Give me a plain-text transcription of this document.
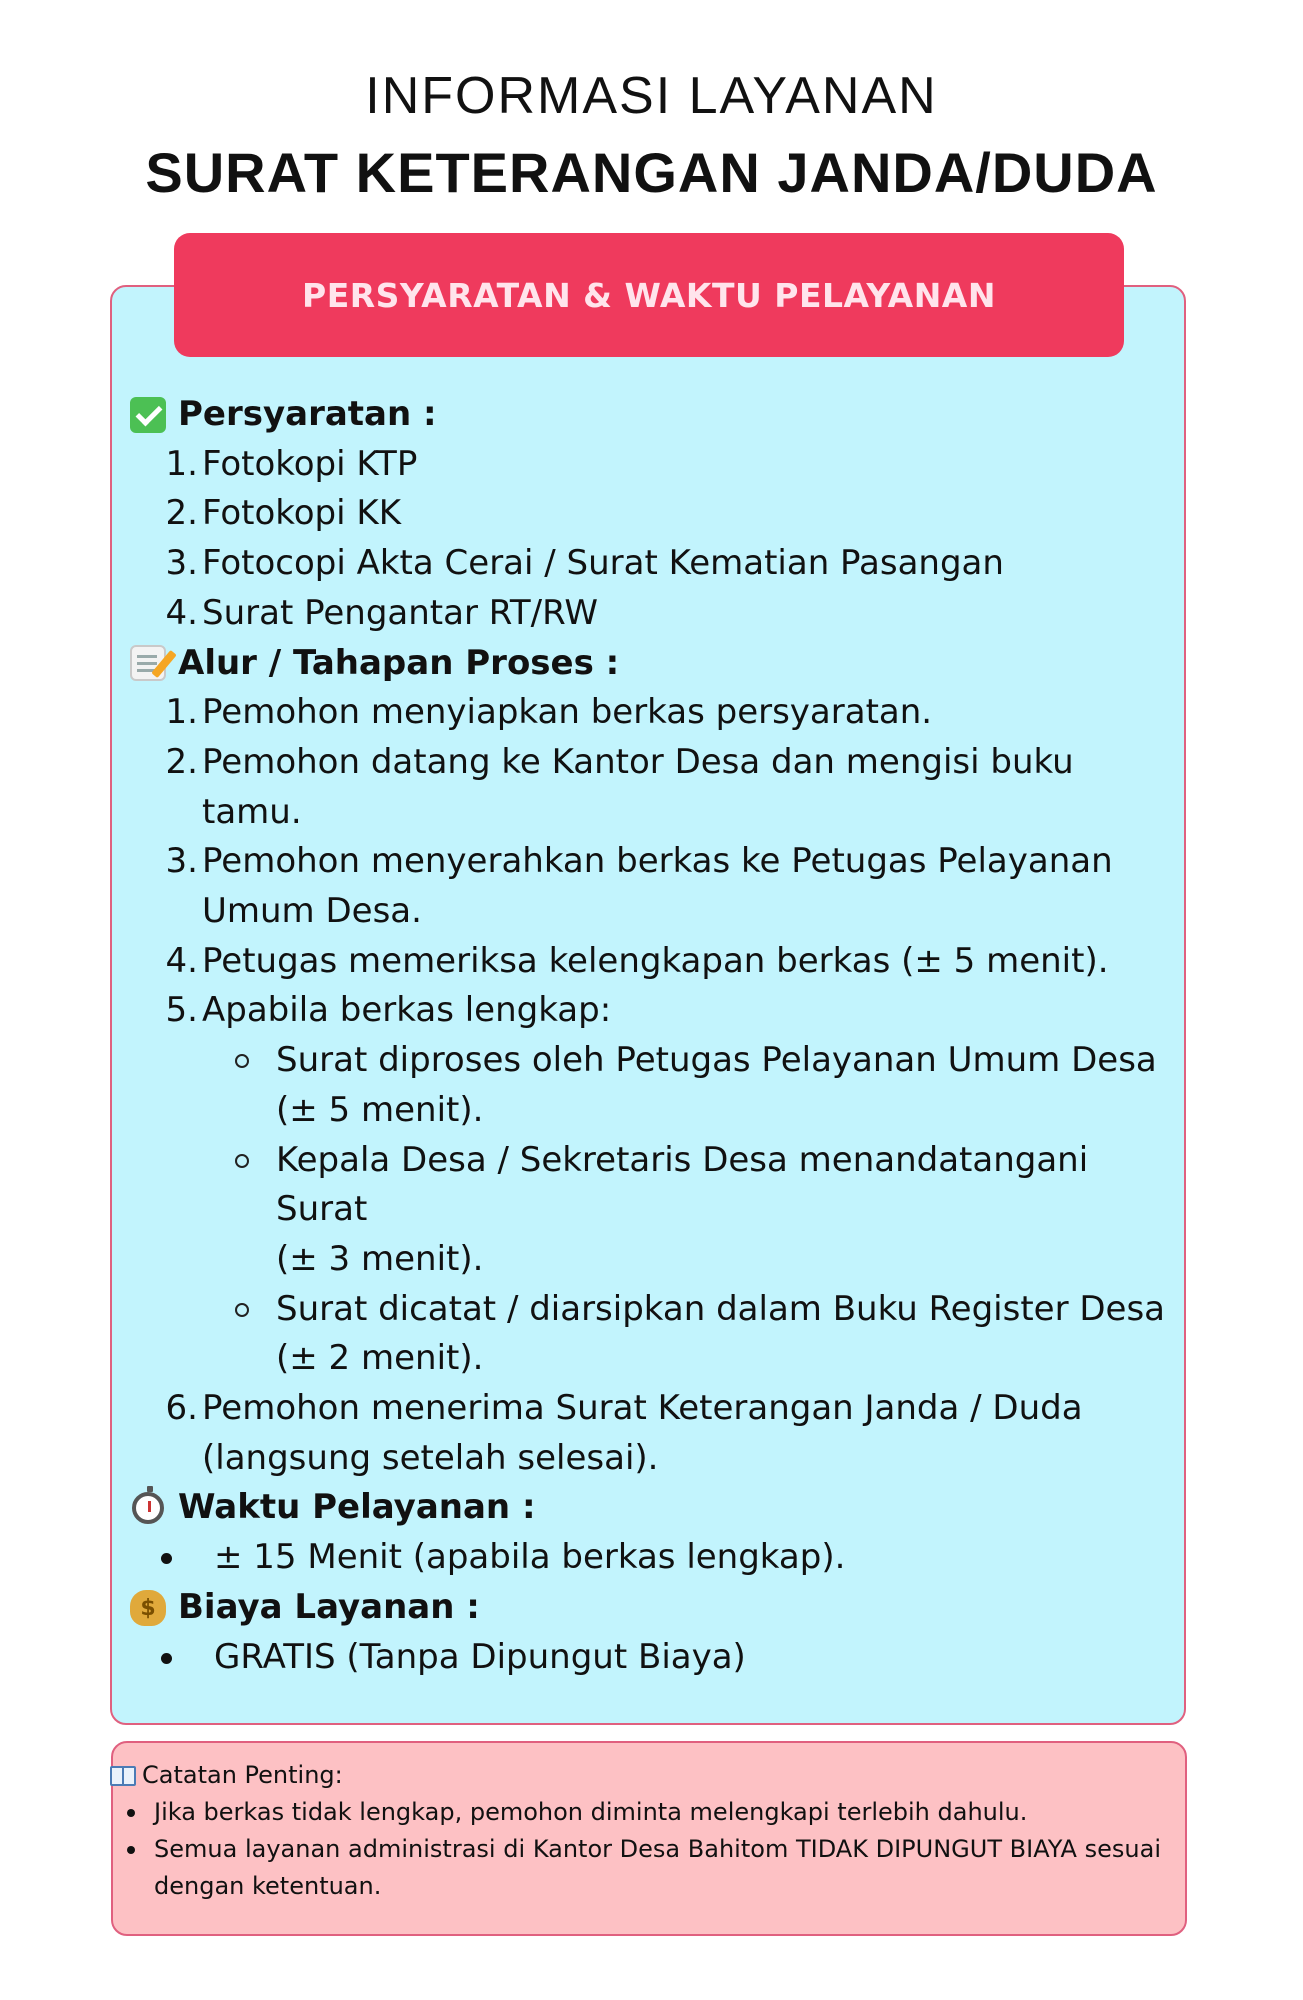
INFORMASI LAYANAN
SURAT KETERANGAN JANDA/DUDA
PERSYARATAN & WAKTU PELAYANAN
Persyaratan :
1. Fotokopi KTP
2. Fotokopi KK
3. Fotocopi Akta Cerai / Surat Kematian Pasangan
4. Surat Pengantar RT/RW
Alur / Tahapan Proses :
1. Pemohon menyiapkan berkas persyaratan.
2. Pemohon datang ke Kantor Desa dan mengisi buku
tamu.
3. Pemohon menyerahkan berkas ke Petugas Pelayanan
Umum Desa.
4. Petugas memeriksa kelengkapan berkas (± 5 menit).
5. Apabila berkas lengkap:
Surat diproses oleh Petugas Pelayanan Umum Desa
(± 5 menit).
Kepala Desa / Sekretaris Desa menandatangani Surat
(± 3 menit).
Surat dicatat / diarsipkan dalam Buku Register Desa
(± 2 menit).
6. Pemohon menerima Surat Keterangan Janda / Duda
(langsung setelah selesai).
Waktu Pelayanan :
± 15 Menit (apabila berkas lengkap).
$
Biaya Layanan :
GRATIS (Tanpa Dipungut Biaya)
Catatan Penting:
Jika berkas tidak lengkap, pemohon diminta melengkapi terlebih dahulu.
Semua layanan administrasi di Kantor Desa Bahitom TIDAK DIPUNGUT BIAYA sesuai dengan ketentuan.
